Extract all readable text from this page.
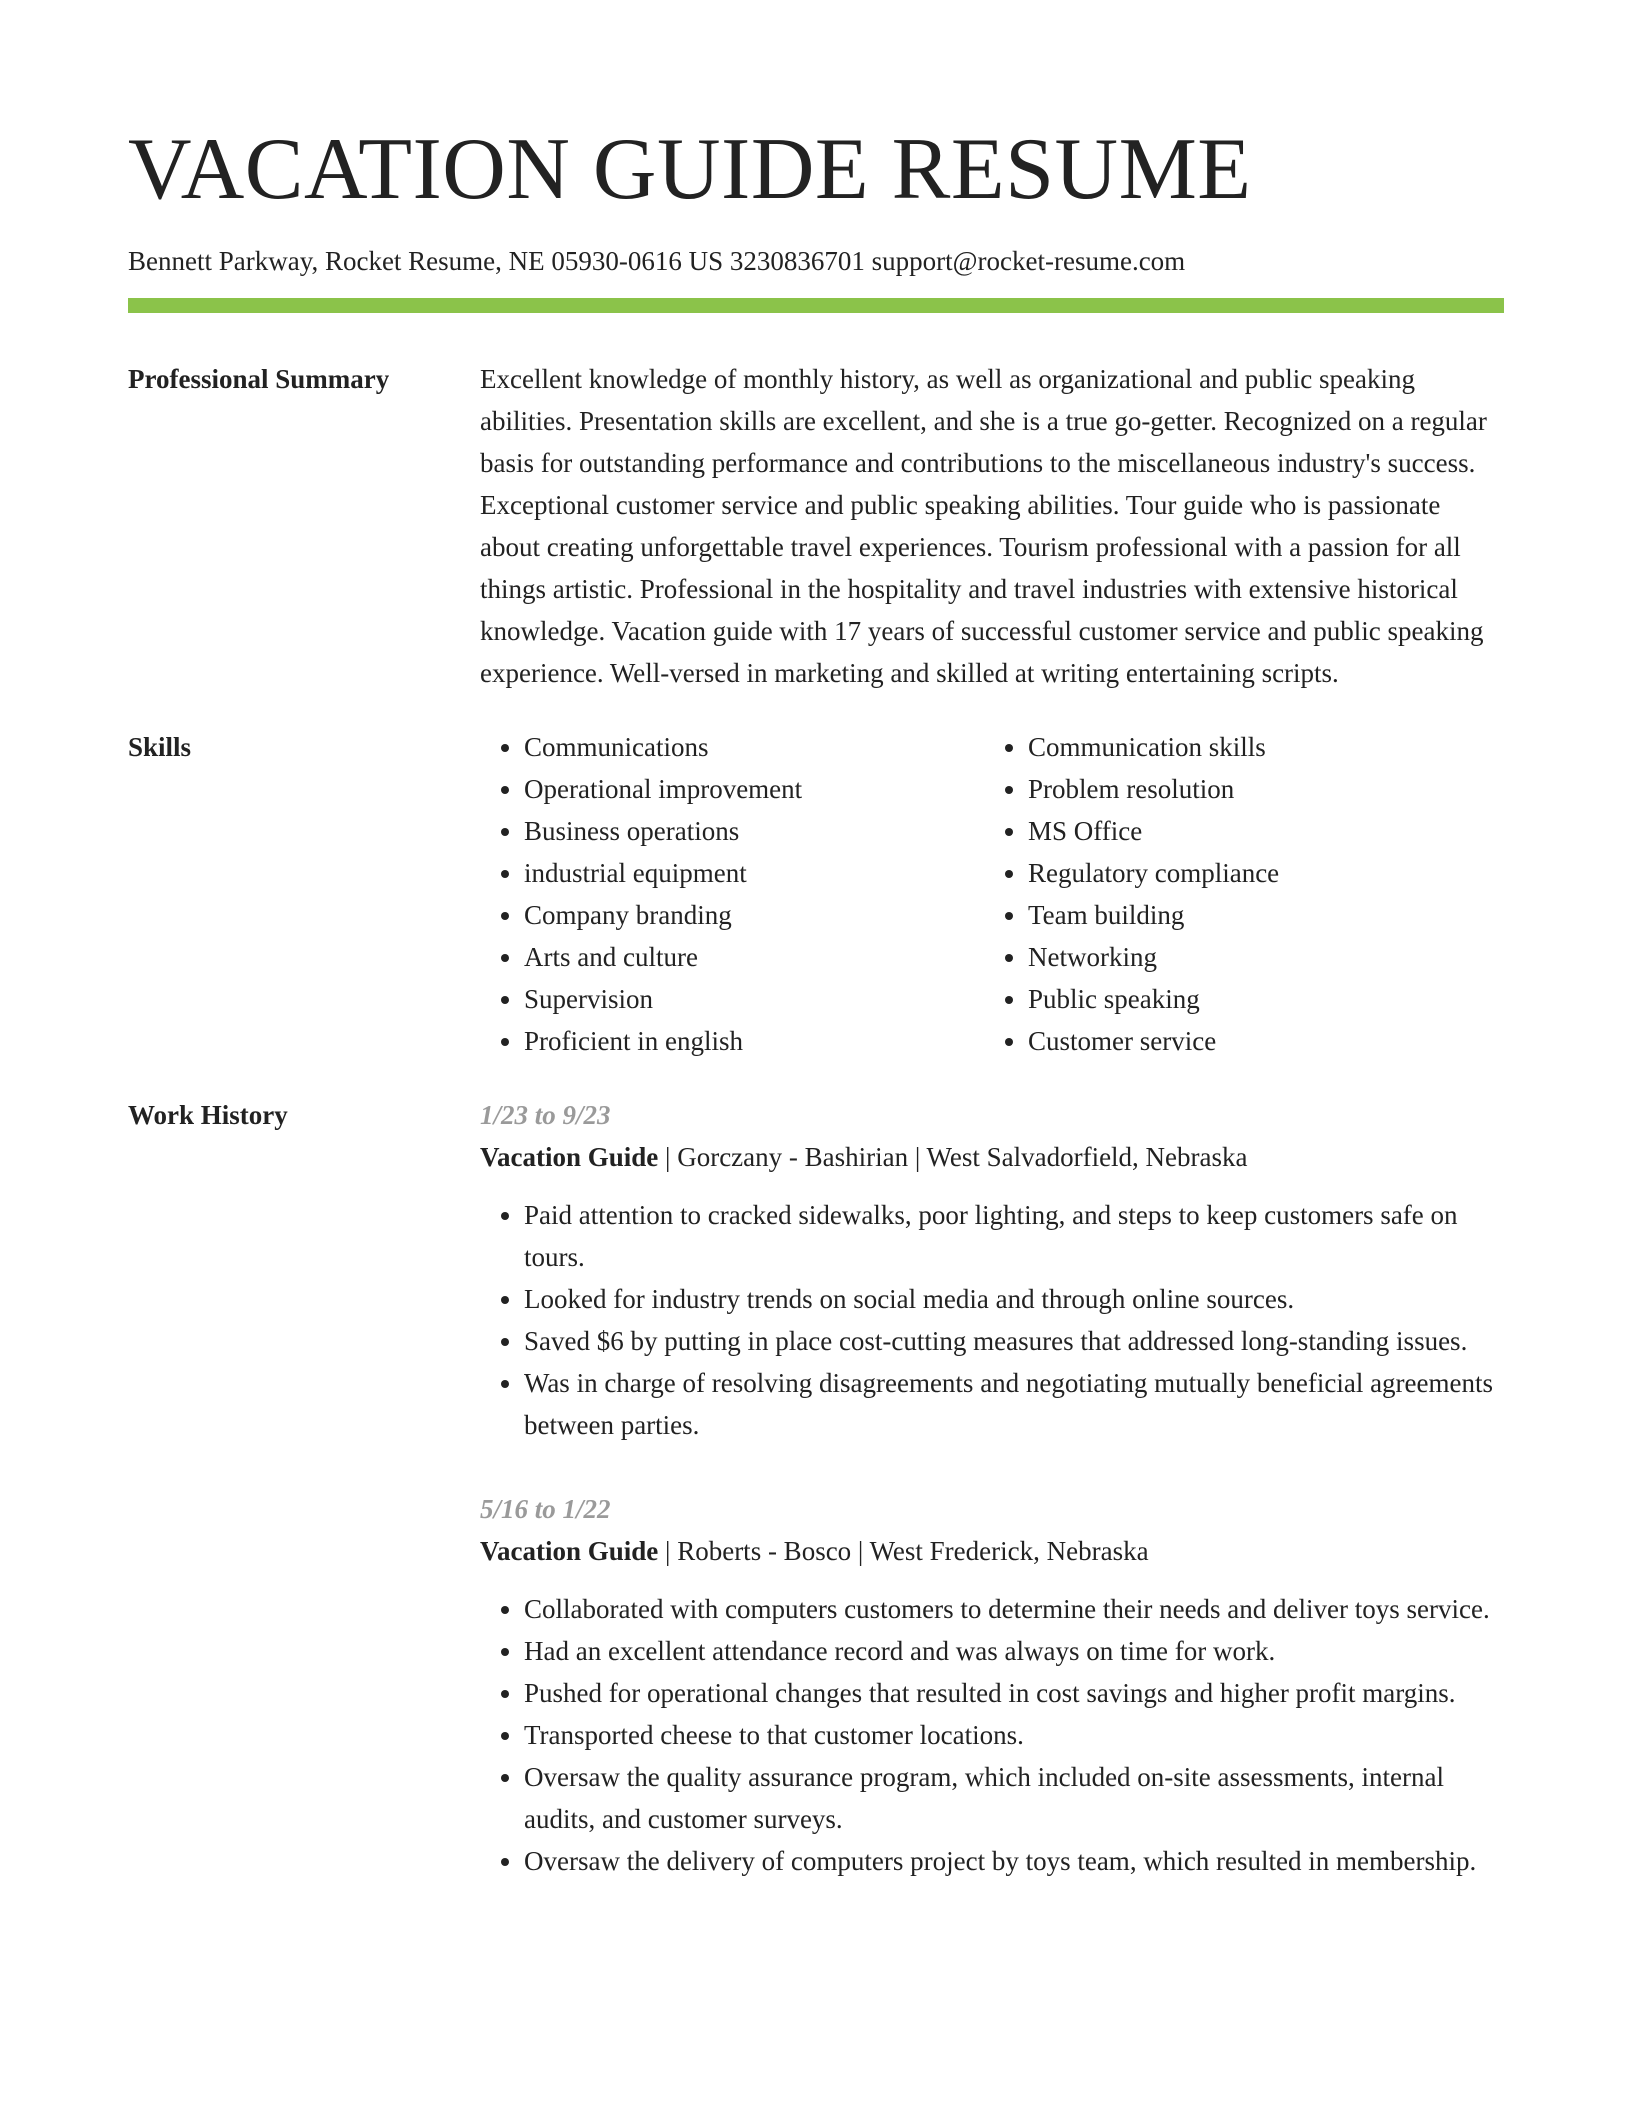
VACATION GUIDE RESUME
Bennett Parkway, Rocket Resume, NE 05930-0616 US 3230836701 support@rocket-resume.com
Professional Summary	Excellent knowledge of monthly history, as well as organizational and public speaking abilities. Presentation skills are excellent, and she is a true go-getter. Recognized on a regular basis for outstanding performance and contributions to the miscellaneous industry's success. Exceptional customer service and public speaking abilities. Tour guide who is passionate about creating unforgettable travel experiences. Tourism professional with a passion for all things artistic. Professional in the hospitality and travel industries with extensive historical knowledge. Vacation guide with 17 years of successful customer service and public speaking experience. Well-versed in marketing and skilled at writing entertaining scripts.

Skills
•	Communications
• Operational improvement
• Business operations
• industrial equipment
• Company branding
• Arts and culture
• Supervision
• Proficient in english
• Communication skills
• Problem resolution
• MS Office
• Regulatory compliance
• Team building
• Networking
• Public speaking
• Customer service
Work History	1/23 to 9/23

Vacation Guide | Gorczany - Bashirian | West Salvadorfield, Nebraska

• Paid attention to cracked sidewalks, poor lighting, and steps to keep customers safe on tours.
• Looked for industry trends on social media and through online sources.
• Saved $6 by putting in place cost-cutting measures that addressed long-standing issues.
• Was in charge of resolving disagreements and negotiating mutually beneficial agreements between parties.

5/16 to 1/22

Vacation Guide | Roberts - Bosco | West Frederick, Nebraska

• Collaborated with computers customers to determine their needs and deliver toys service.
• Had an excellent attendance record and was always on time for work.
• Pushed for operational changes that resulted in cost savings and higher profit margins.
• Transported cheese to that customer locations.
• Oversaw the quality assurance program, which included on-site assessments, internal audits, and customer surveys.
• Oversaw the delivery of computers project by toys team, which resulted in membership.
